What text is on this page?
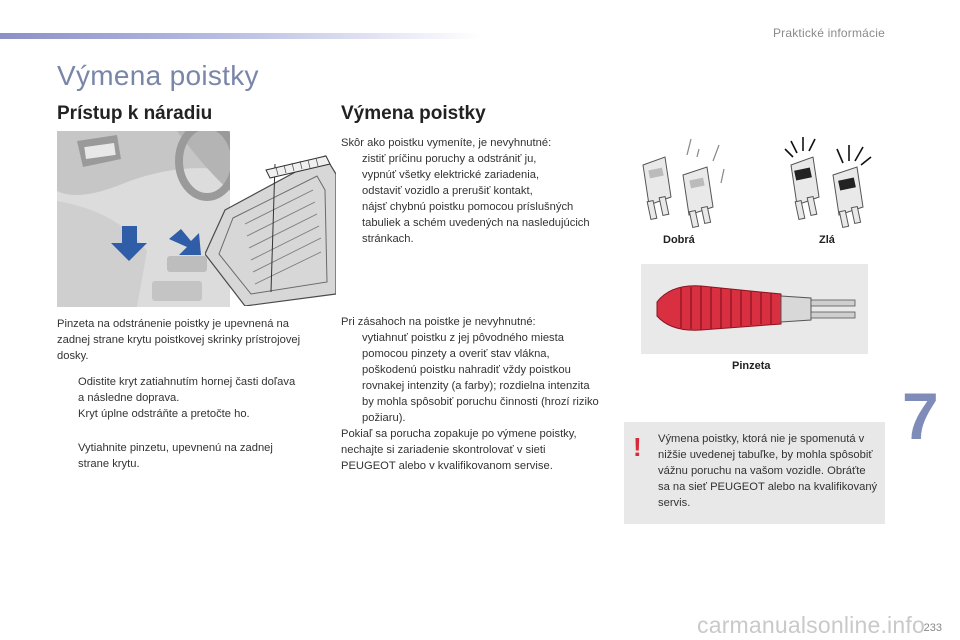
Praktické informácie
Výmena poistky
Prístup k náradiu

Pinzeta na odstránenie poistky je upevnená na zadnej strane krytu poistkovej skrinky prístrojovej dosky.

Odistite kryt zatiahnutím hornej časti doľava a následne doprava.
Kryt úplne odstráňte a pretočte ho.
Vytiahnite pinzetu, upevnenú na zadnej strane krytu.
Výmena poistky

Skôr ako poistku vymeníte, je nevyhnutné:

zistiť príčinu poruchy a odstrániť ju,
vypnúť všetky elektrické zariadenia,
odstaviť vozidlo a prerušiť kontakt,
nájsť chybnú poistku pomocou príslušných tabuliek a schém uvedených na nasledujúcich stránkach.

Pri zásahoch na poistke je nevyhnutné:

vytiahnuť poistku z jej pôvodného miesta pomocou pinzety a overiť stav vlákna,
poškodenú poistku nahradiť vždy poistkou rovnakej intenzity (a farby); rozdielna intenzita by mohla spôsobiť poruchu činnosti (hrozí riziko požiaru).

Pokiaľ sa porucha zopakuje po výmene poistky, nechajte si zariadenie skontrolovať v sieti PEUGEOT alebo v kvalifikovanom servise.

Dobrá	Zlá
Pinzeta
! Výmena poistky, ktorá nie je spomenutá v nižšie uvedenej tabuľke, by mohla spôsobiť vážnu poruchu na vašom vozidle. Obráťte sa na sieť PEUGEOT alebo na kvalifikovaný servis.
7
carmanualsonline.info
233
